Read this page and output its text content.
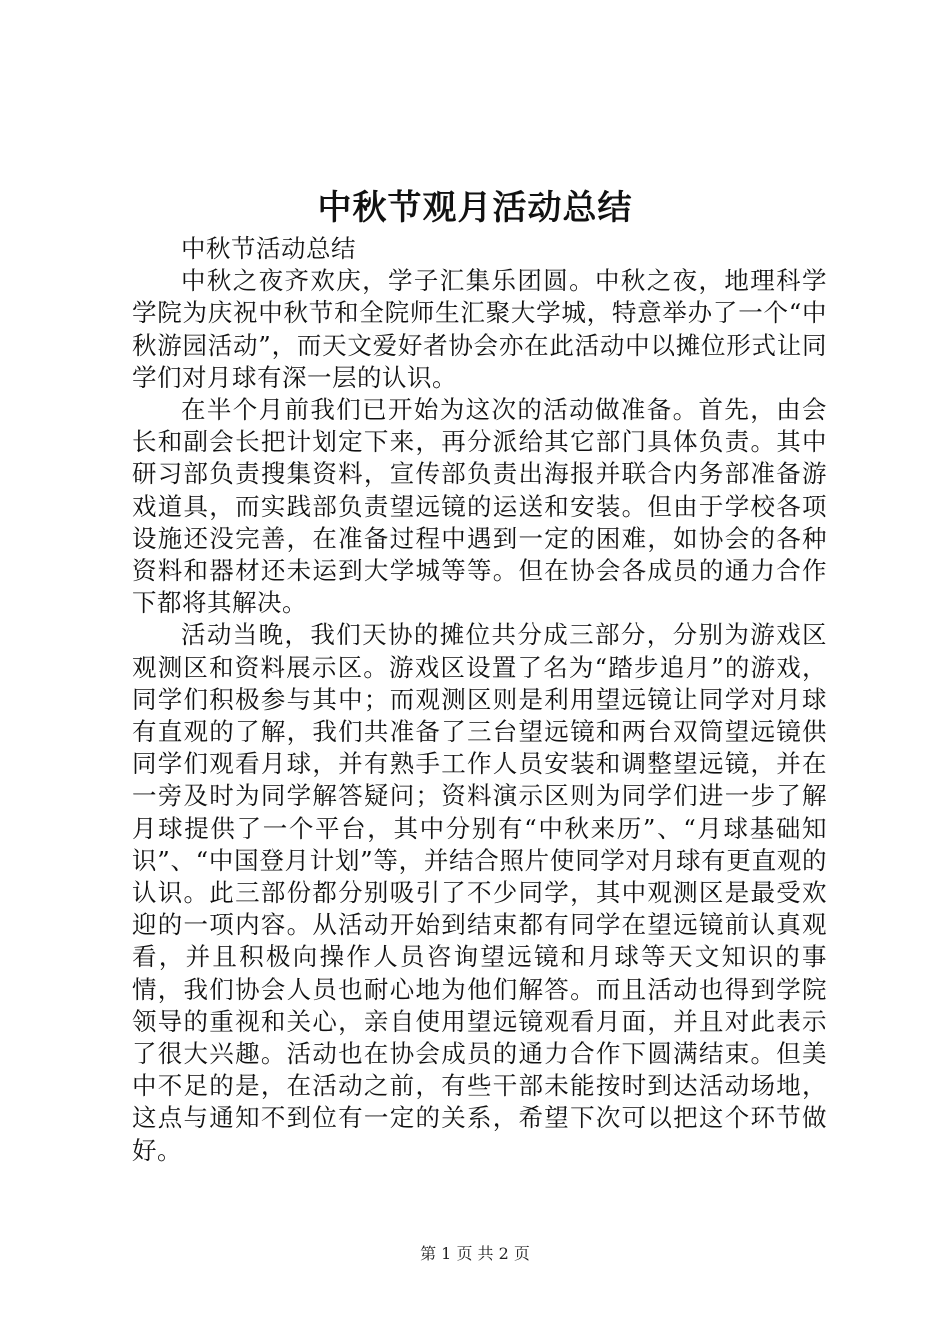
中秋节观月活动总结

中秋节活动总结

中秋之夜齐欢庆，学子汇集乐团圆。中秋之夜，地理科学学院为庆祝中秋节和全院师生汇聚大学城，特意举办了一个“中秋游园活动”，而天文爱好者协会亦在此活动中以摊位形式让同学们对月球有深一层的认识。

在半个月前我们已开始为这次的活动做准备。首先，由会长和副会长把计划定下来，再分派给其它部门具体负责。其中研习部负责搜集资料，宣传部负责出海报并联合内务部准备游戏道具，而实践部负责望远镜的运送和安装。但由于学校各项设施还没完善，在准备过程中遇到一定的困难，如协会的各种资料和器材还未运到大学城等等。但在协会各成员的通力合作下都将其解决。

活动当晚，我们天协的摊位共分成三部分，分别为游戏区观测区和资料展示区。游戏区设置了名为“踏步追月”的游戏，同学们积极参与其中；而观测区则是利用望远镜让同学对月球有直观的了解，我们共准备了三台望远镜和两台双筒望远镜供同学们观看月球，并有熟手工作人员安装和调整望远镜，并在一旁及时为同学解答疑问；资料演示区则为同学们进一步了解月球提供了一个平台，其中分别有“中秋来历”、“月球基础知识”、“中国登月计划”等，并结合照片使同学对月球有更直观的认识。此三部份都分别吸引了不少同学，其中观测区是最受欢迎的一项内容。从活动开始到结束都有同学在望远镜前认真观看，并且积极向操作人员咨询望远镜和月球等天文知识的事情，我们协会人员也耐心地为他们解答。而且活动也得到学院领导的重视和关心，亲自使用望远镜观看月面，并且对此表示了很大兴趣。活动也在协会成员的通力合作下圆满结束。但美中不足的是，在活动之前，有些干部未能按时到达活动场地，这点与通知不到位有一定的关系，希望下次可以把这个环节做好。

第 1 页 共 2 页
